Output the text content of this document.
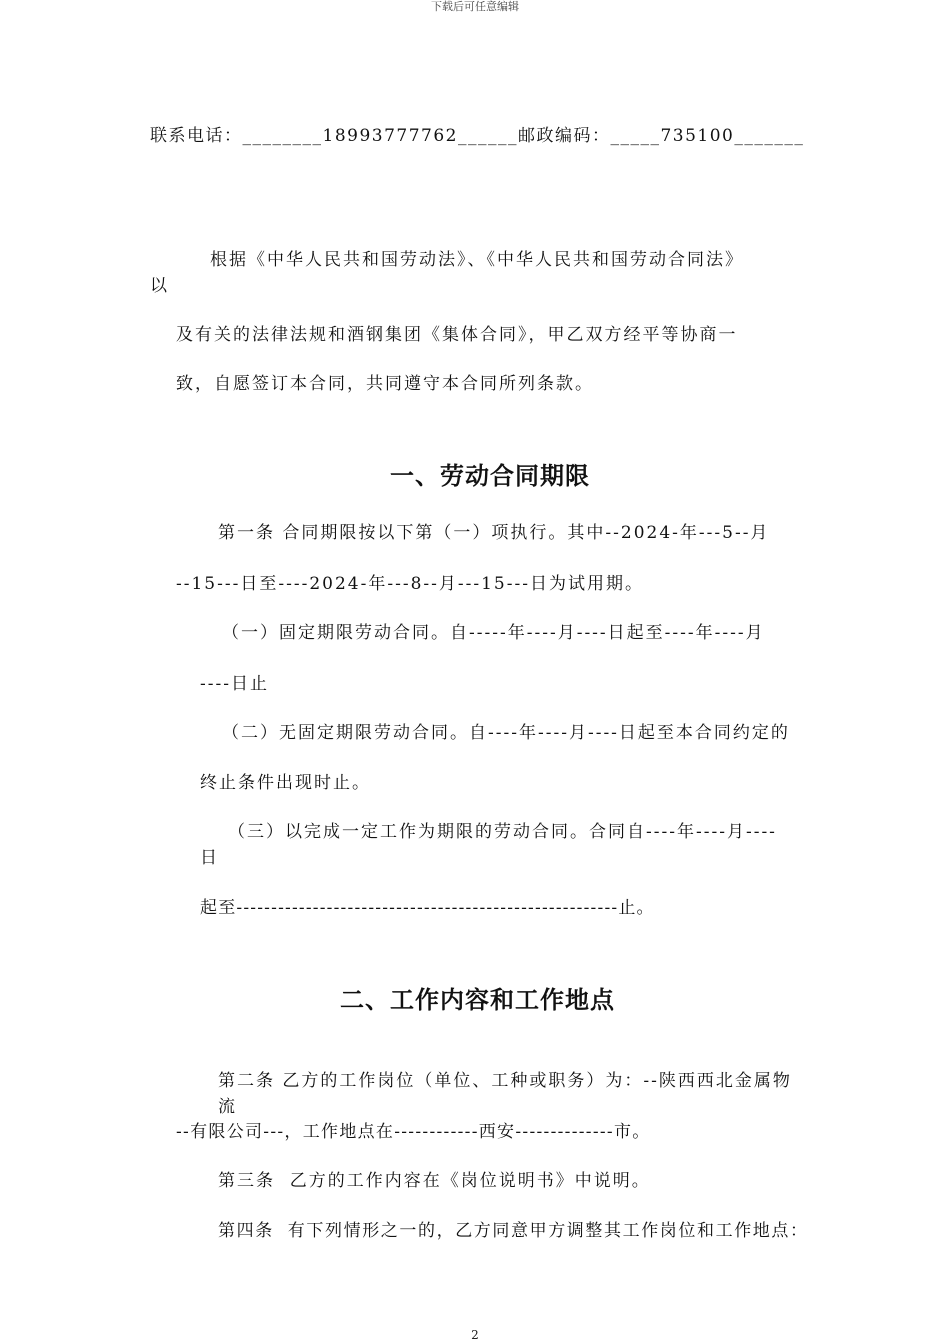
下载后可任意编辑
联系电话：________18993777762______邮政编码：_____735100_______
根据《中华人民共和国劳动法》、《中华人民共和国劳动合同法》
以
及有关的法律法规和酒钢集团《集体合同》，甲乙双方经平等协商一
致，自愿签订本合同，共同遵守本合同所列条款。
一、劳动合同期限
第一条 合同期限按以下第（一）项执行。其中--2024-年---5--月
--15---日至----2024-年---8--月---15---日为试用期。
（一）固定期限劳动合同。自-----年----月----日起至----年----月
----日止
（二）无固定期限劳动合同。自----年----月----日起至本合同约定的
终止条件出现时止。
（三）以完成一定工作为期限的劳动合同。合同自----年----月----
日
起至-------------------------------------------------------止。
二、工作内容和工作地点
第二条 乙方的工作岗位（单位、工种或职务）为：--陕西西北金属物
流
--有限公司---，工作地点在------------西安--------------市。
第三条  乙方的工作内容在《岗位说明书》中说明。
第四条  有下列情形之一的，乙方同意甲方调整其工作岗位和工作地点：
2
